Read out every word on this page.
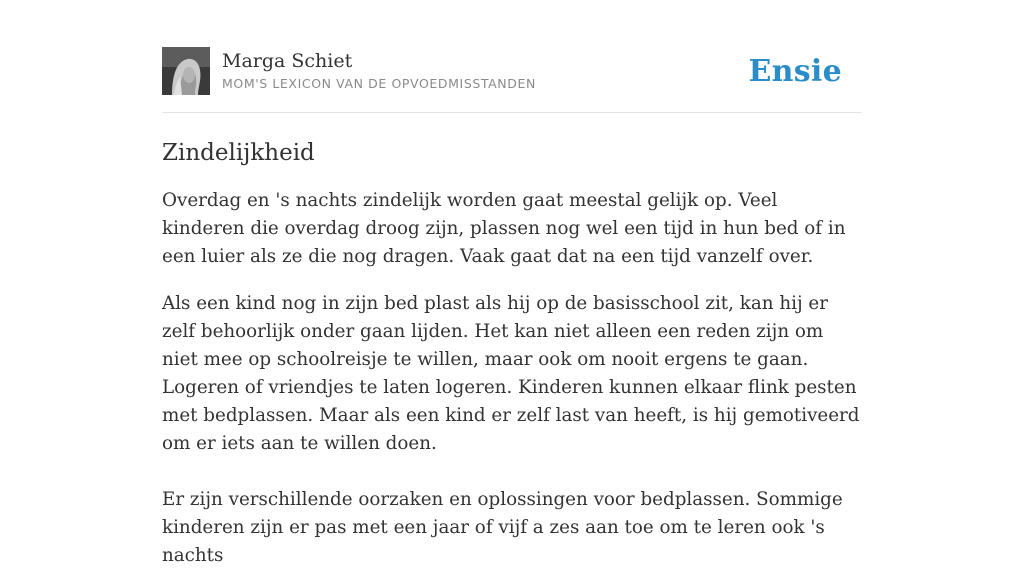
Marga Schiet
MOM'S LEXICON VAN DE OPVOEDMISSTANDEN	Ensie
Zindelijkheid

Overdag en 's nachts zindelijk worden gaat meestal gelijk op. Veel kinderen die overdag droog zijn, plassen nog wel een tijd in hun bed of in een luier als ze die nog dragen. Vaak gaat dat na een tijd vanzelf over.

Als een kind nog in zijn bed plast als hij op de basisschool zit, kan hij er zelf behoorlijk onder gaan lijden. Het kan niet alleen een reden zijn om niet mee op schoolreisje te willen, maar ook om nooit ergens te gaan. Logeren of vriendjes te laten logeren. Kinderen kunnen elkaar flink pesten met bedplassen. Maar als een kind er zelf last van heeft, is hij gemotiveerd om er iets aan te willen doen.

Er zijn verschillende oorzaken en oplossingen voor bedplassen. Sommige kinderen zijn er pas met een jaar of vijf a zes aan toe om te leren ook 's nachts
